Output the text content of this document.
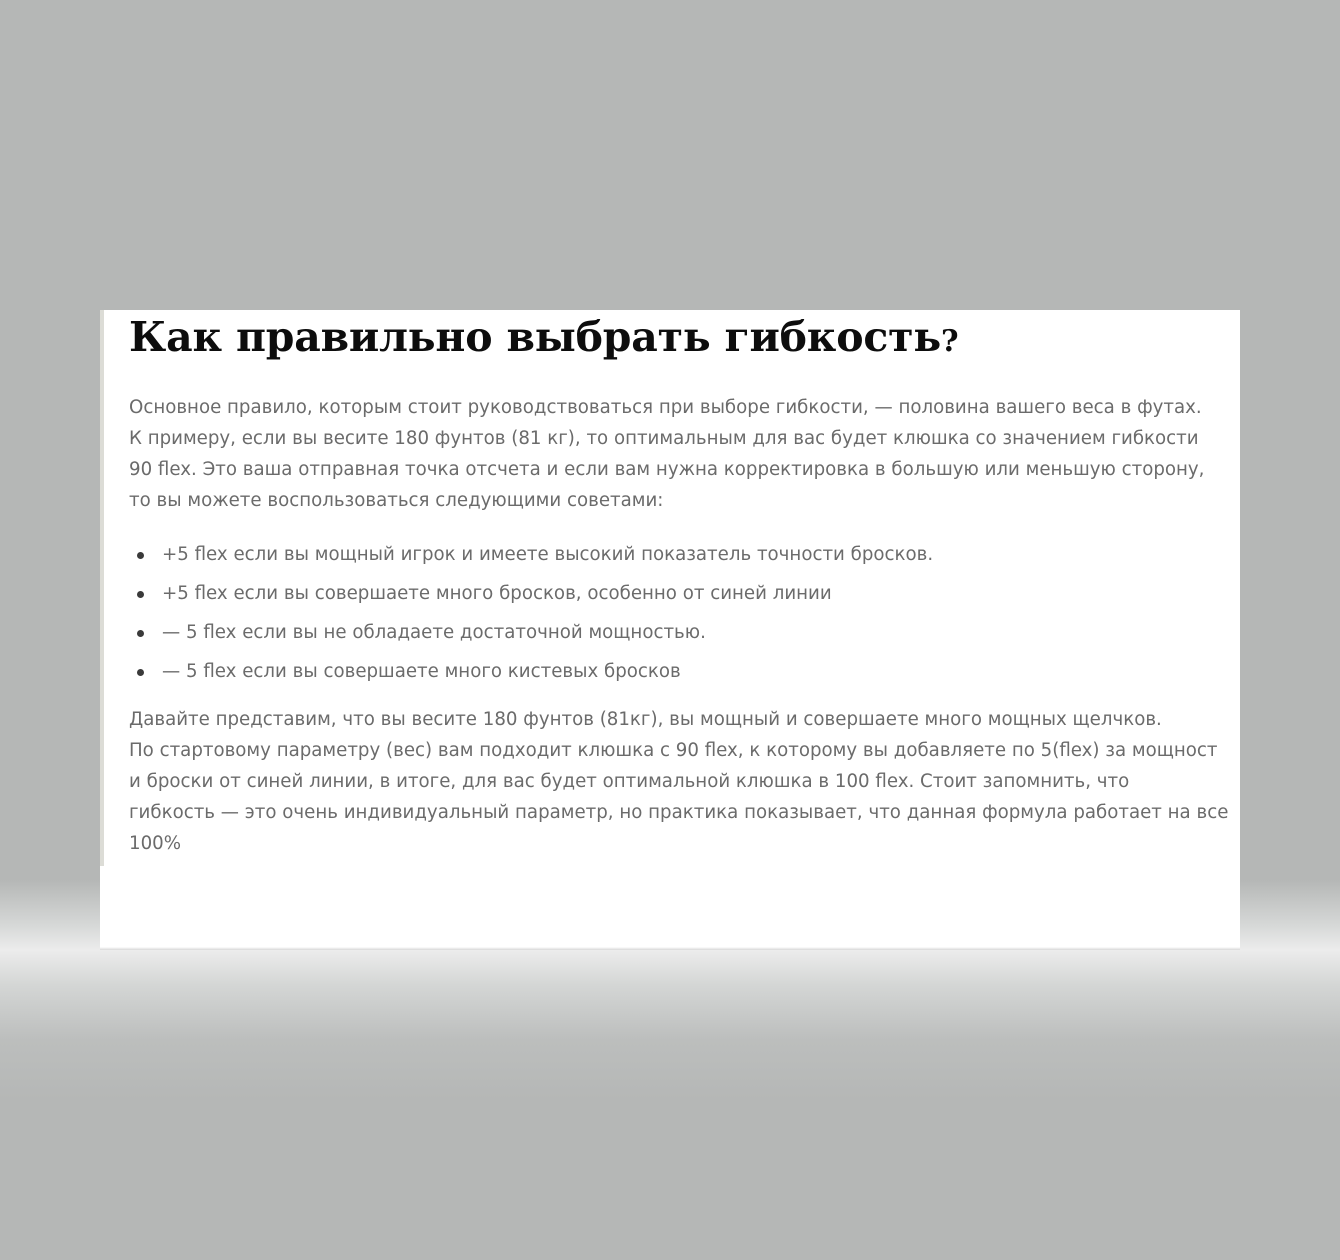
Как правильно выбрать гибкость?
Основное правило, которым стоит руководствоваться при выборе гибкости, — половина вашего веса в футах.
К примеру, если вы весите 180 фунтов (81 кг), то оптимальным для вас будет клюшка со значением гибкости
90 flex. Это ваша отправная точка отсчета и если вам нужна корректировка в большую или меньшую сторону,
то вы можете воспользоваться следующими советами:
+5 flex если вы мощный игрок и имеете высокий показатель точности бросков.
+5 flex если вы совершаете много бросков, особенно от синей линии
— 5 flex если вы не обладаете достаточной мощностью.
— 5 flex если вы совершаете много кистевых бросков
Давайте представим, что вы весите 180 фунтов (81кг), вы мощный и совершаете много мощных щелчков.
По стартовому параметру (вес) вам подходит клюшка с 90 flex, к которому вы добавляете по 5(flex) за мощност
и броски от синей линии, в итоге, для вас будет оптимальной клюшка в 100 flex. Стоит запомнить, что
гибкость — это очень индивидуальный параметр, но практика показывает, что данная формула работает на все
100%
